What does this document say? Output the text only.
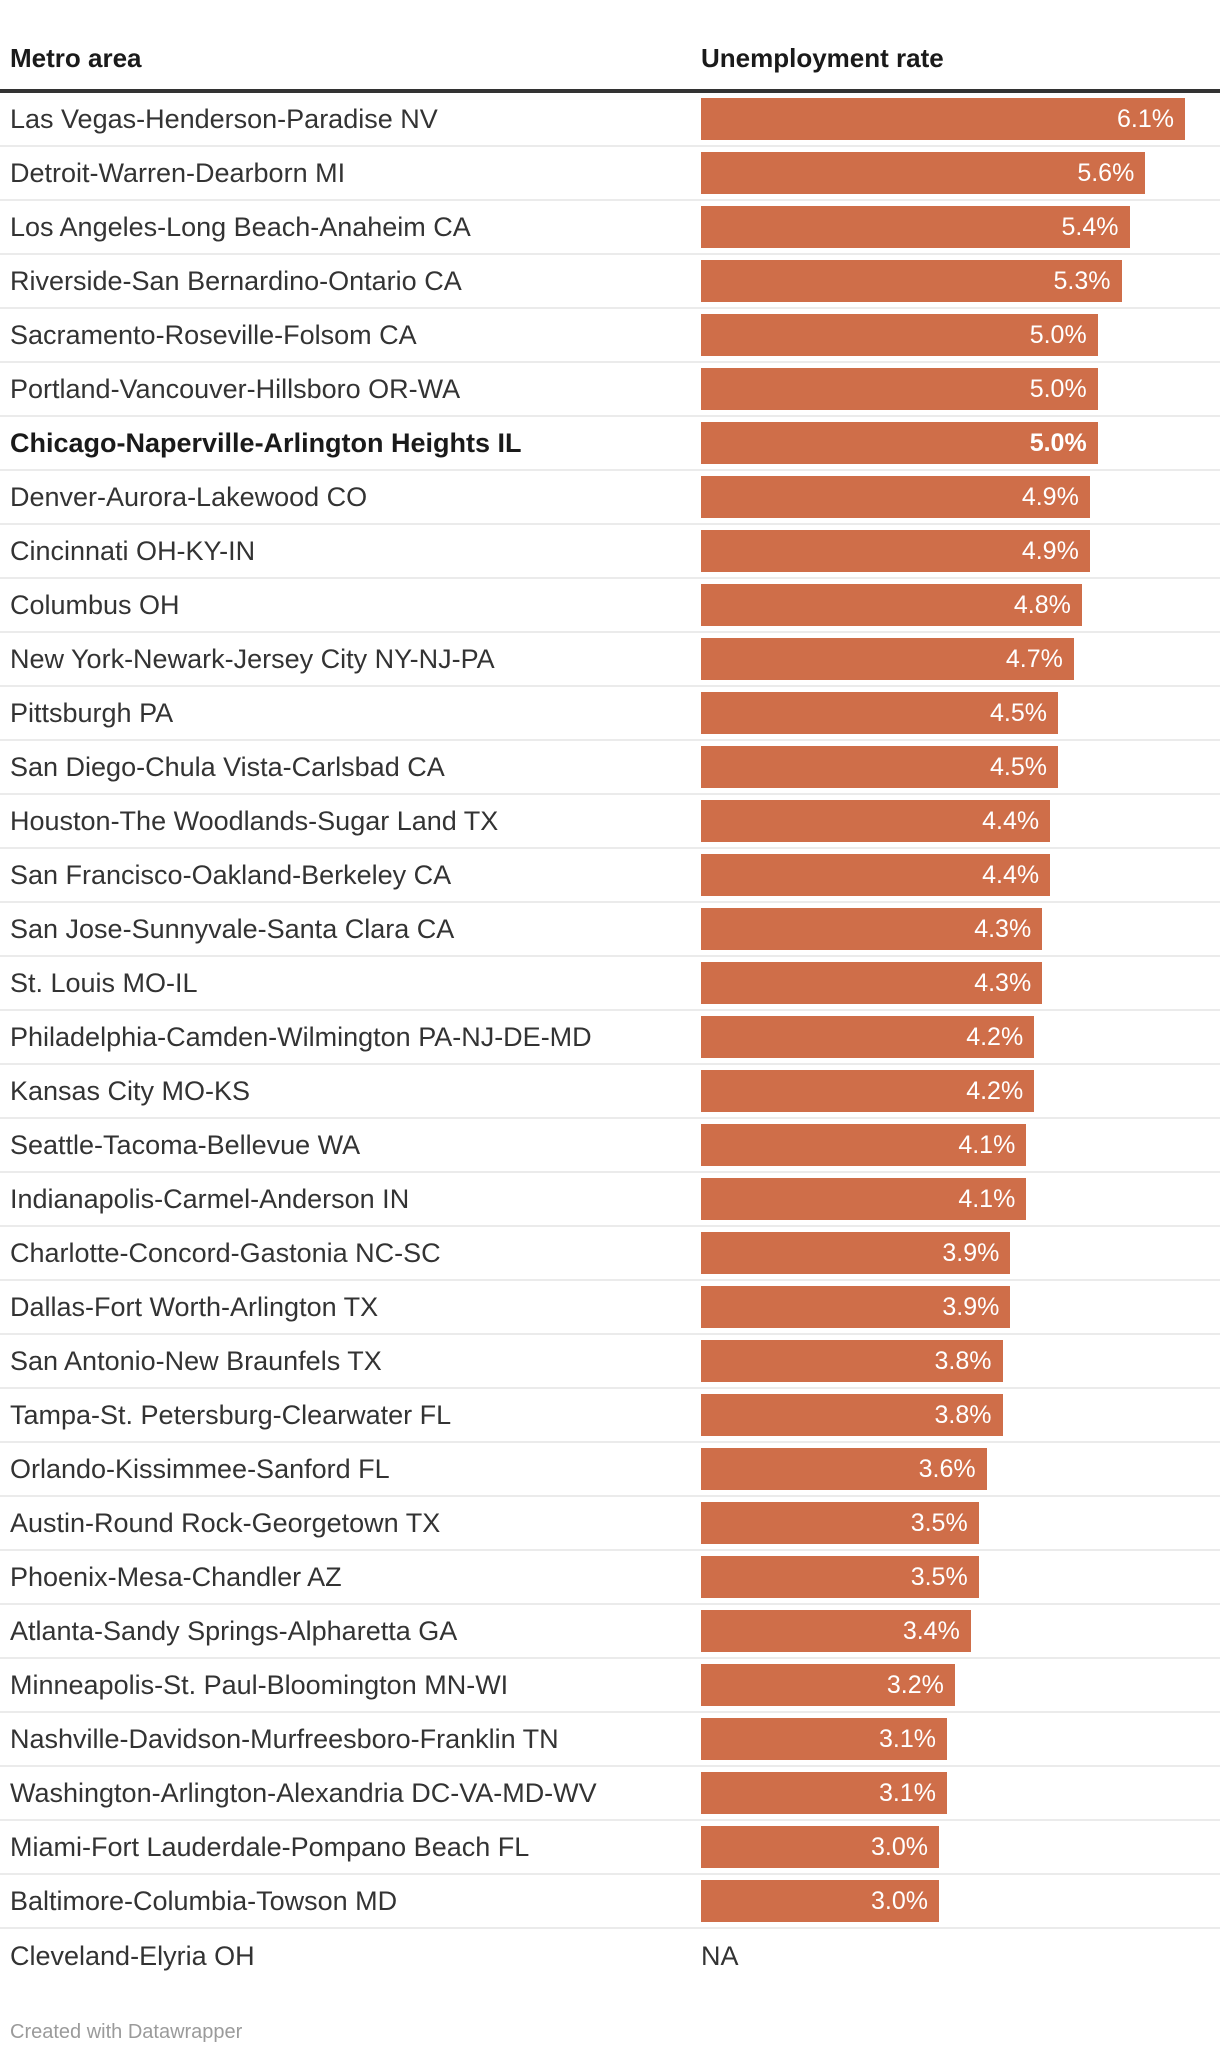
Metro area	Unemployment rate
Las Vegas-Henderson-Paradise NV	6.1%
Detroit-Warren-Dearborn MI	5.6%
Los Angeles-Long Beach-Anaheim CA	5.4%
Riverside-San Bernardino-Ontario CA	5.3%
Sacramento-Roseville-Folsom CA	5.0%
Portland-Vancouver-Hillsboro OR-WA	5.0%
Chicago-Naperville-Arlington Heights IL	5.0%
Denver-Aurora-Lakewood CO	4.9%
Cincinnati OH-KY-IN	4.9%
Columbus OH	4.8%
New York-Newark-Jersey City NY-NJ-PA	4.7%
Pittsburgh PA	4.5%
San Diego-Chula Vista-Carlsbad CA	4.5%
Houston-The Woodlands-Sugar Land TX	4.4%
San Francisco-Oakland-Berkeley CA	4.4%
San Jose-Sunnyvale-Santa Clara CA	4.3%
St. Louis MO-IL	4.3%
Philadelphia-Camden-Wilmington PA-NJ-DE-MD	4.2%
Kansas City MO-KS	4.2%
Seattle-Tacoma-Bellevue WA	4.1%
Indianapolis-Carmel-Anderson IN	4.1%
Charlotte-Concord-Gastonia NC-SC	3.9%
Dallas-Fort Worth-Arlington TX	3.9%
San Antonio-New Braunfels TX	3.8%
Tampa-St. Petersburg-Clearwater FL	3.8%
Orlando-Kissimmee-Sanford FL	3.6%
Austin-Round Rock-Georgetown TX	3.5%
Phoenix-Mesa-Chandler AZ	3.5%
Atlanta-Sandy Springs-Alpharetta GA	3.4%
Minneapolis-St. Paul-Bloomington MN-WI	3.2%
Nashville-Davidson-Murfreesboro-Franklin TN	3.1%
Washington-Arlington-Alexandria DC-VA-MD-WV	3.1%
Miami-Fort Lauderdale-Pompano Beach FL	3.0%
Baltimore-Columbia-Towson MD	3.0%
Cleveland-Elyria OH	NA
Created with Datawrapper
